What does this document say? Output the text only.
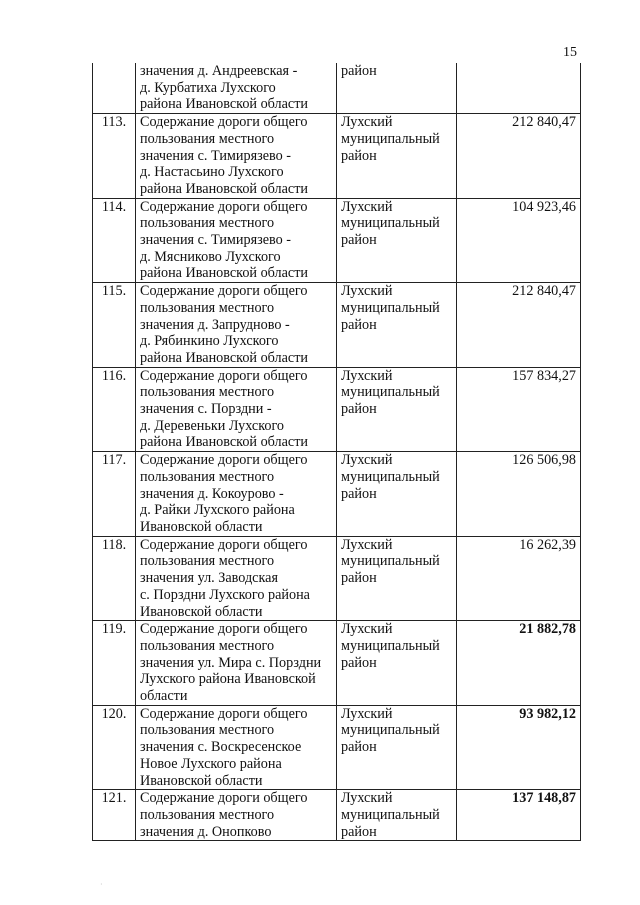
15

	значения д. Андреевская -
д. Курбатиха Лухского
района Ивановской области	район	

113.	Содержание дороги общего
пользования местного
значения с. Тимирязево -
д. Настасьино Лухского
района Ивановской области	Лухский
муниципальный
район	212 840,47
114.	Содержание дороги общего
пользования местного
значения с. Тимирязево -
д. Мясниково Лухского
района Ивановской области	Лухский
муниципальный
район	104 923,46
115.	Содержание дороги общего
пользования местного
значения д. Запрудново -
д. Рябинкино Лухского
района Ивановской области	Лухский
муниципальный
район	212 840,47
116.	Содержание дороги общего
пользования местного
значения с. Порздни -
д. Деревеньки Лухского
района Ивановской области	Лухский
муниципальный
район	157 834,27
117.	Содержание дороги общего
пользования местного
значения д. Кокоурово -
д. Райки Лухского района
Ивановской области	Лухский
муниципальный
район	126 506,98
118.	Содержание дороги общего
пользования местного
значения ул. Заводская
с. Порздни Лухского района
Ивановской области	Лухский
муниципальный
район	16 262,39
119.	Содержание дороги общего
пользования местного
значения ул. Мира с. Порздни
Лухского района Ивановской
области	Лухский
муниципальный
район	21 882,78
120.	Содержание дороги общего
пользования местного
значения с. Воскресенское
Новое Лухского района
Ивановской области	Лухский
муниципальный
район	93 982,12
121.	Содержание дороги общего
пользования местного
значения д. Онопково	Лухский
муниципальный
район	137 148,87
·
